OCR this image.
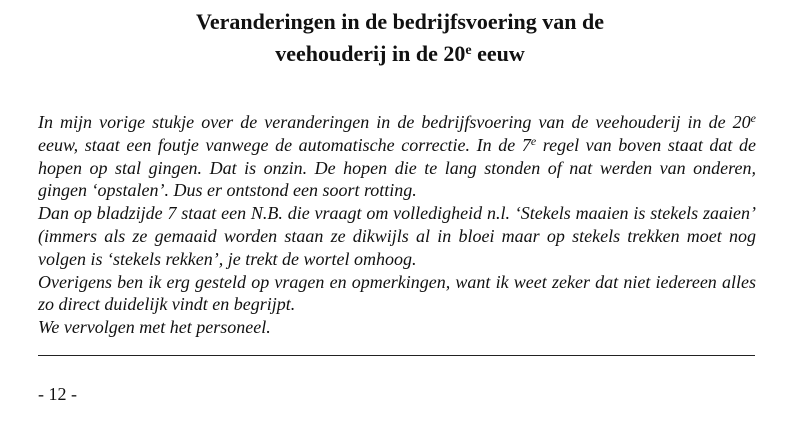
Veranderingen in de bedrijfsvoering van de
veehouderij in de 20e eeuw
In mijn vorige stukje over de veranderingen in de bedrijfsvoering van de veehouderij in de 20e eeuw, staat een foutje vanwege de automatische correctie. In de 7e regel van boven staat dat de hopen op stal gingen. Dat is onzin. De hopen die te lang stonden of nat werden van onderen, gingen ‘opstalen’. Dus er ontstond een soort rotting.
Dan op bladzijde 7 staat een N.B. die vraagt om volledigheid n.l. ‘Stekels maaien is stekels zaaien’ (immers als ze gemaaid worden staan ze dikwijls al in bloei maar op stekels trekken moet nog volgen is ‘stekels rekken’, je trekt de wortel omhoog.
Overigens ben ik erg gesteld op vragen en opmerkingen, want ik weet zeker dat niet iedereen alles zo direct duidelijk vindt en begrijpt.
We vervolgen met het personeel.
- 12 -
